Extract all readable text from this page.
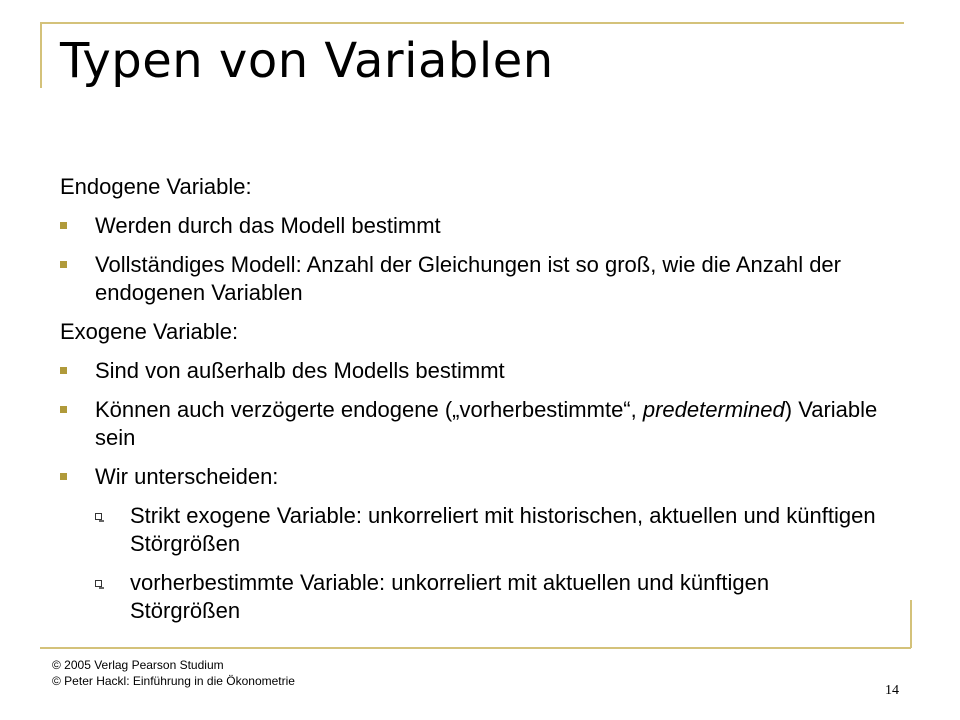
Typen von Variablen

Endogene Variable:

Werden durch das Modell bestimmt
Vollständiges Modell: Anzahl der Gleichungen ist so groß, wie die Anzahl der endogenen Variablen

Exogene Variable:

Sind von außerhalb des Modells bestimmt
Können auch verzögerte endogene („vorherbestimmte“, predetermined) Variable sein
Wir unterscheiden:
Strikt exogene Variable: unkorreliert mit historischen, aktuellen und künftigen Störgrößen
vorherbestimmte Variable: unkorreliert mit aktuellen und künftigen Störgrößen
© 2005 Verlag Pearson Studium
© Peter Hackl: Einführung in die Ökonometrie
14
